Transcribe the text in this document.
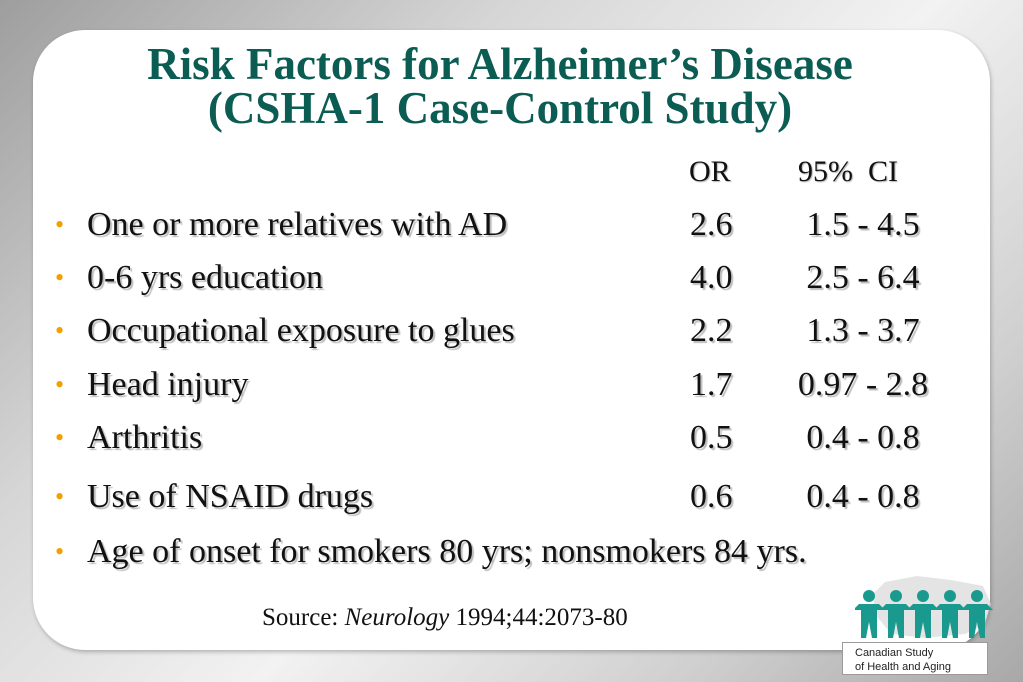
Risk Factors for Alzheimer’s Disease
(CSHA-1 Case-Control Study)
OR 95%  CI
• One or more relatives with AD	2.6	1.5 - 4.5
• 0-6 yrs education	4.0	2.5 - 6.4
• Occupational exposure to glues	2.2	1.3 - 3.7
• Head injury	1.7	0.97 - 2.8
• Arthritis	0.5	0.4 - 0.8
• Use of NSAID drugs	0.6	0.4 - 0.8
• Age of onset for smokers 80 yrs; nonsmokers 84 yrs.
Source: Neurology 1994;44:2073-80
Canadian Study
of Health and Aging
